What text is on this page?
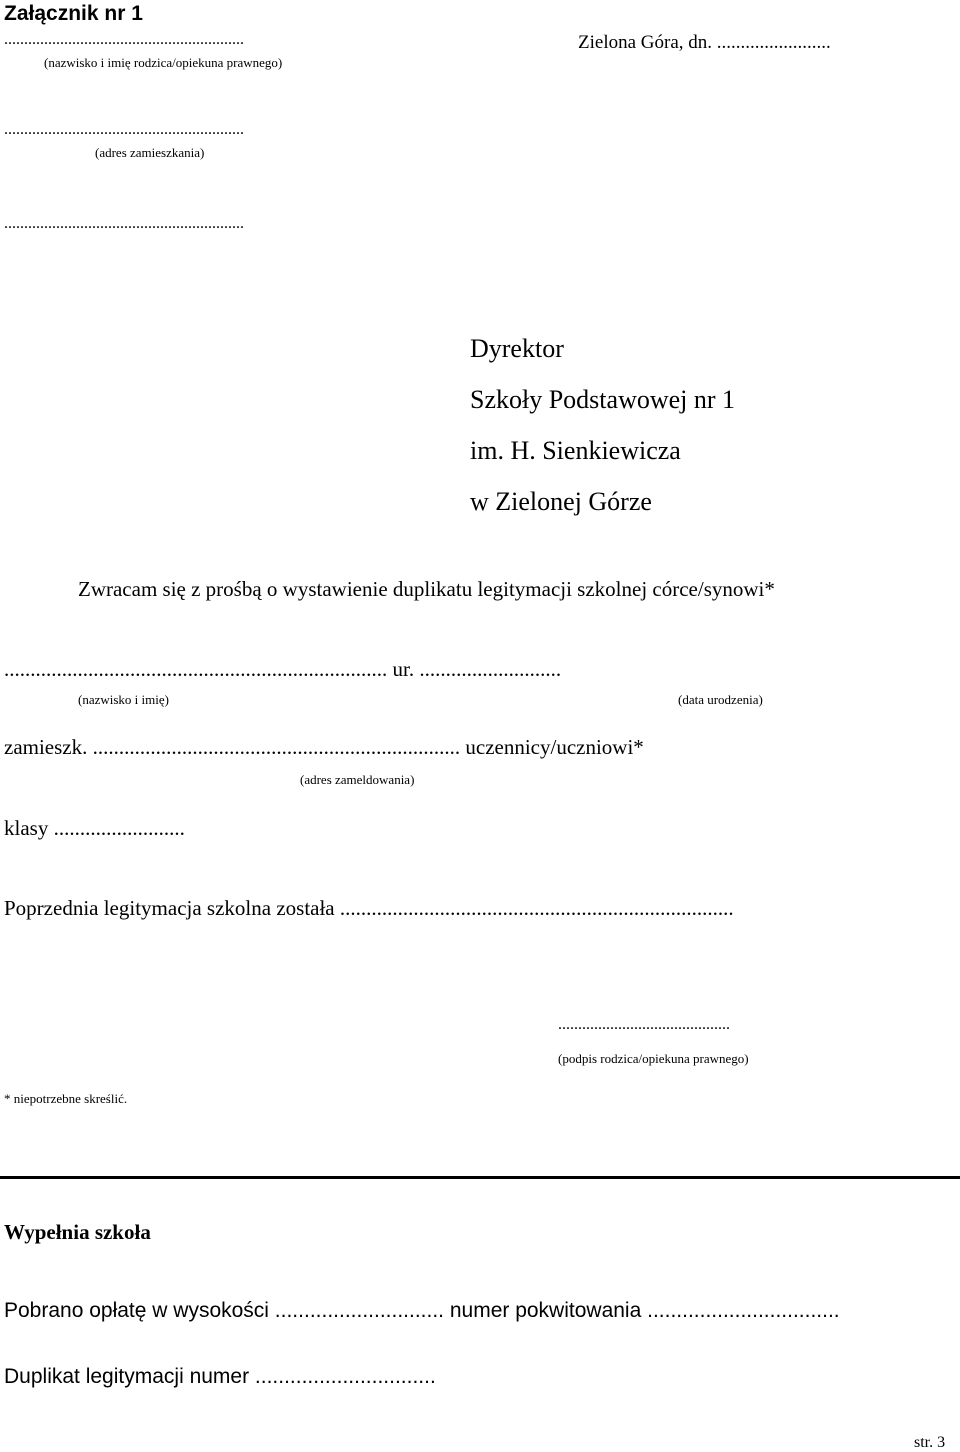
Załącznik nr 1
............................................................
(nazwisko i imię rodzica/opiekuna prawnego)
Zielona Góra, dn. ........................
............................................................
(adres zamieszkania)
............................................................
Dyrektor
Szkoły Podstawowej nr 1
im. H. Sienkiewicza
w Zielonej Górze
Zwracam się z prośbą o wystawienie duplikatu legitymacji szkolnej córce/synowi*
......................................................................... ur. ...........................
(nazwisko i imię)	(data urodzenia)
zamieszk. ...................................................................... uczennicy/uczniowi*
(adres zameldowania)
klasy .........................
Poprzednia legitymacja szkolna została ...........................................................................
...........................................
(podpis rodzica/opiekuna prawnego)
* niepotrzebne skreślić.
Wypełnia szkoła
Pobrano opłatę w wysokości ............................. numer pokwitowania .................................
Duplikat legitymacji numer ...............................
str. 3
